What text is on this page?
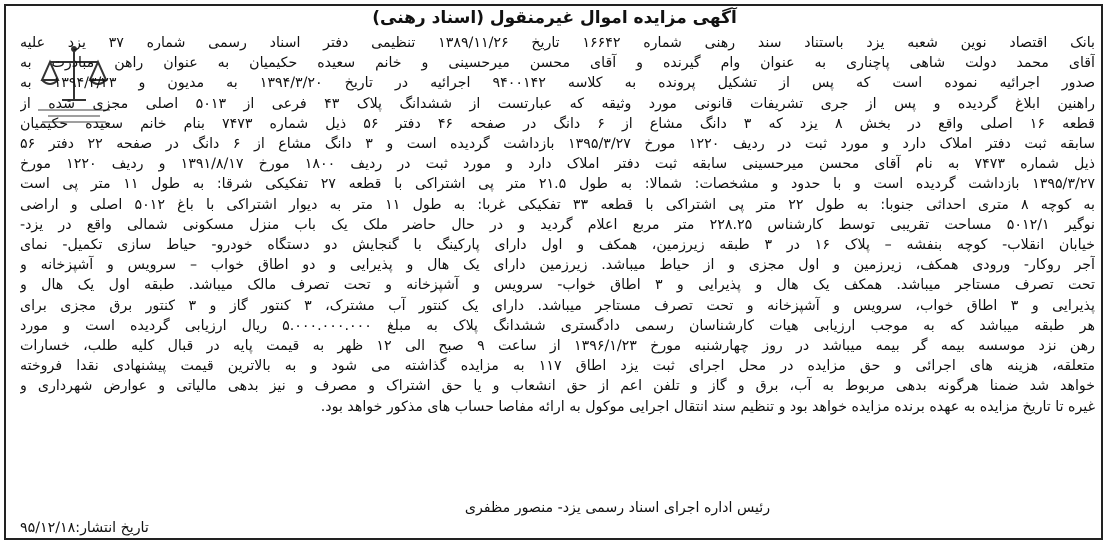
آگهی مزایده اموال غیرمنقول (اسناد رهنی)
بانک اقتصاد نوین شعبه یزد باستناد سند رهنی شماره ۱۶۶۴۲ تاریخ ۱۳۸۹/۱۱/۲۶ تنظیمی دفتر اسناد رسمی شماره ۳۷ یزد علیه
آقای محمد دولت شاهی پاچناری به عنوان وام گیرنده و آقای محسن میرحسینی و خانم سعیده حکیمیان به عنوان راهن مبادرت به
صدور اجرائیه نموده است که پس از تشکیل پرونده به کلاسه ۹۴۰۰۱۴۲ اجرائیه در تاریخ ۱۳۹۴/۳/۲۰ به مدیون و ۱۳۹۴/۳/۲۳ به
راهنین ابلاغ گردیده و پس از جری تشریفات قانونی مورد وثیقه که عبارتست از ششدانگ پلاک ۴۳ فرعی از ۵۰۱۳ اصلی مجزی شده از
قطعه ۱۶ اصلی واقع در بخش ۸ یزد که ۳ دانگ مشاع از ۶ دانگ در صفحه ۴۶ دفتر ۵۶ ذیل شماره ۷۴۷۳ بنام خانم سعیده حکیمیان
سابقه ثبت دفتر املاک دارد و مورد ثبت در ردیف ۱۲۲۰ مورخ ۱۳۹۵/۳/۲۷ بازداشت گردیده است و ۳ دانگ مشاع از ۶ دانگ در صفحه ۲۲ دفتر ۵۶
ذیل شماره ۷۴۷۳ به نام آقای محسن میرحسینی سابقه ثبت دفتر املاک دارد و مورد ثبت در ردیف ۱۸۰۰ مورخ ۱۳۹۱/۸/۱۷ و ردیف ۱۲۲۰ مورخ
۱۳۹۵/۳/۲۷ بازداشت گردیده است و با حدود و مشخصات: شمالا: به طول ۲۱.۵ متر پی اشتراکی با قطعه ۲۷ تفکیکی شرقا: به طول ۱۱ متر پی است
به کوچه ۸ متری احداثی جنوبا: به طول ۲۲ متر پی اشتراکی با قطعه ۳۳ تفکیکی غربا: به طول ۱۱ متر به دیوار اشتراکی با باغ ۵۰۱۲ اصلی و اراضی
نوگیر ۵۰۱۲/۱ مساحت تقریبی توسط کارشناس ۲۲۸.۲۵ متر مربع اعلام گردید و در حال حاضر ملک یک باب منزل مسکونی شمالی واقع در یزد-
خیابان انقلاب- کوچه بنفشه – پلاک ۱۶ در ۳ طبقه زیرزمین، همکف و اول دارای پارکینگ با گنجایش دو دستگاه خودرو- حیاط سازی تکمیل- نمای
آجر روکار- ورودی همکف، زیرزمین و اول مجزی و از حیاط میباشد. زیرزمین دارای یک هال و پذیرایی و دو اطاق خواب – سرویس و آشپزخانه و
تحت تصرف مستاجر میباشد. همکف یک هال و پذیرایی و ۳ اطاق خواب- سرویس و آشپزخانه و تحت تصرف مالک میباشد. طبقه اول یک هال و
پذیرایی و ۳ اطاق خواب، سرویس و آشپزخانه و تحت تصرف مستاجر میباشد. دارای یک کنتور آب مشترک، ۳ کنتور گاز و ۳ کنتور برق مجزی برای
هر طبقه میباشد که به موجب ارزیابی هیات کارشناسان رسمی دادگستری ششدانگ پلاک به مبلغ ۵.۰۰۰.۰۰۰.۰۰۰ ریال ارزیابی گردیده است و مورد
رهن نزد موسسه بیمه گر بیمه میباشد در روز چهارشنبه مورخ ۱۳۹۶/۱/۲۳ از ساعت ۹ صبح الی ۱۲ ظهر به قیمت پایه در قبال کلیه طلب، خسارات
متعلقه، هزینه های اجرائی و حق مزایده در محل اجرای ثبت یزد اطاق ۱۱۷ به مزایده گذاشته می شود و به بالاترین قیمت پیشنهادی نقدا فروخته
خواهد شد ضمنا هرگونه بدهی مربوط به آب، برق و گاز و تلفن اعم از حق انشعاب و یا حق اشتراک و مصرف و نیز بدهی مالیاتی و عوارض شهرداری و
غیره تا تاریخ مزایده به عهده برنده مزایده خواهد بود و تنظیم سند انتقال اجرایی موکول به ارائه مفاصا حساب های مذکور خواهد بود.
رئیس اداره اجرای اسناد رسمی یزد- منصور مظفری
تاریخ انتشار:۹۵/۱۲/۱۸
